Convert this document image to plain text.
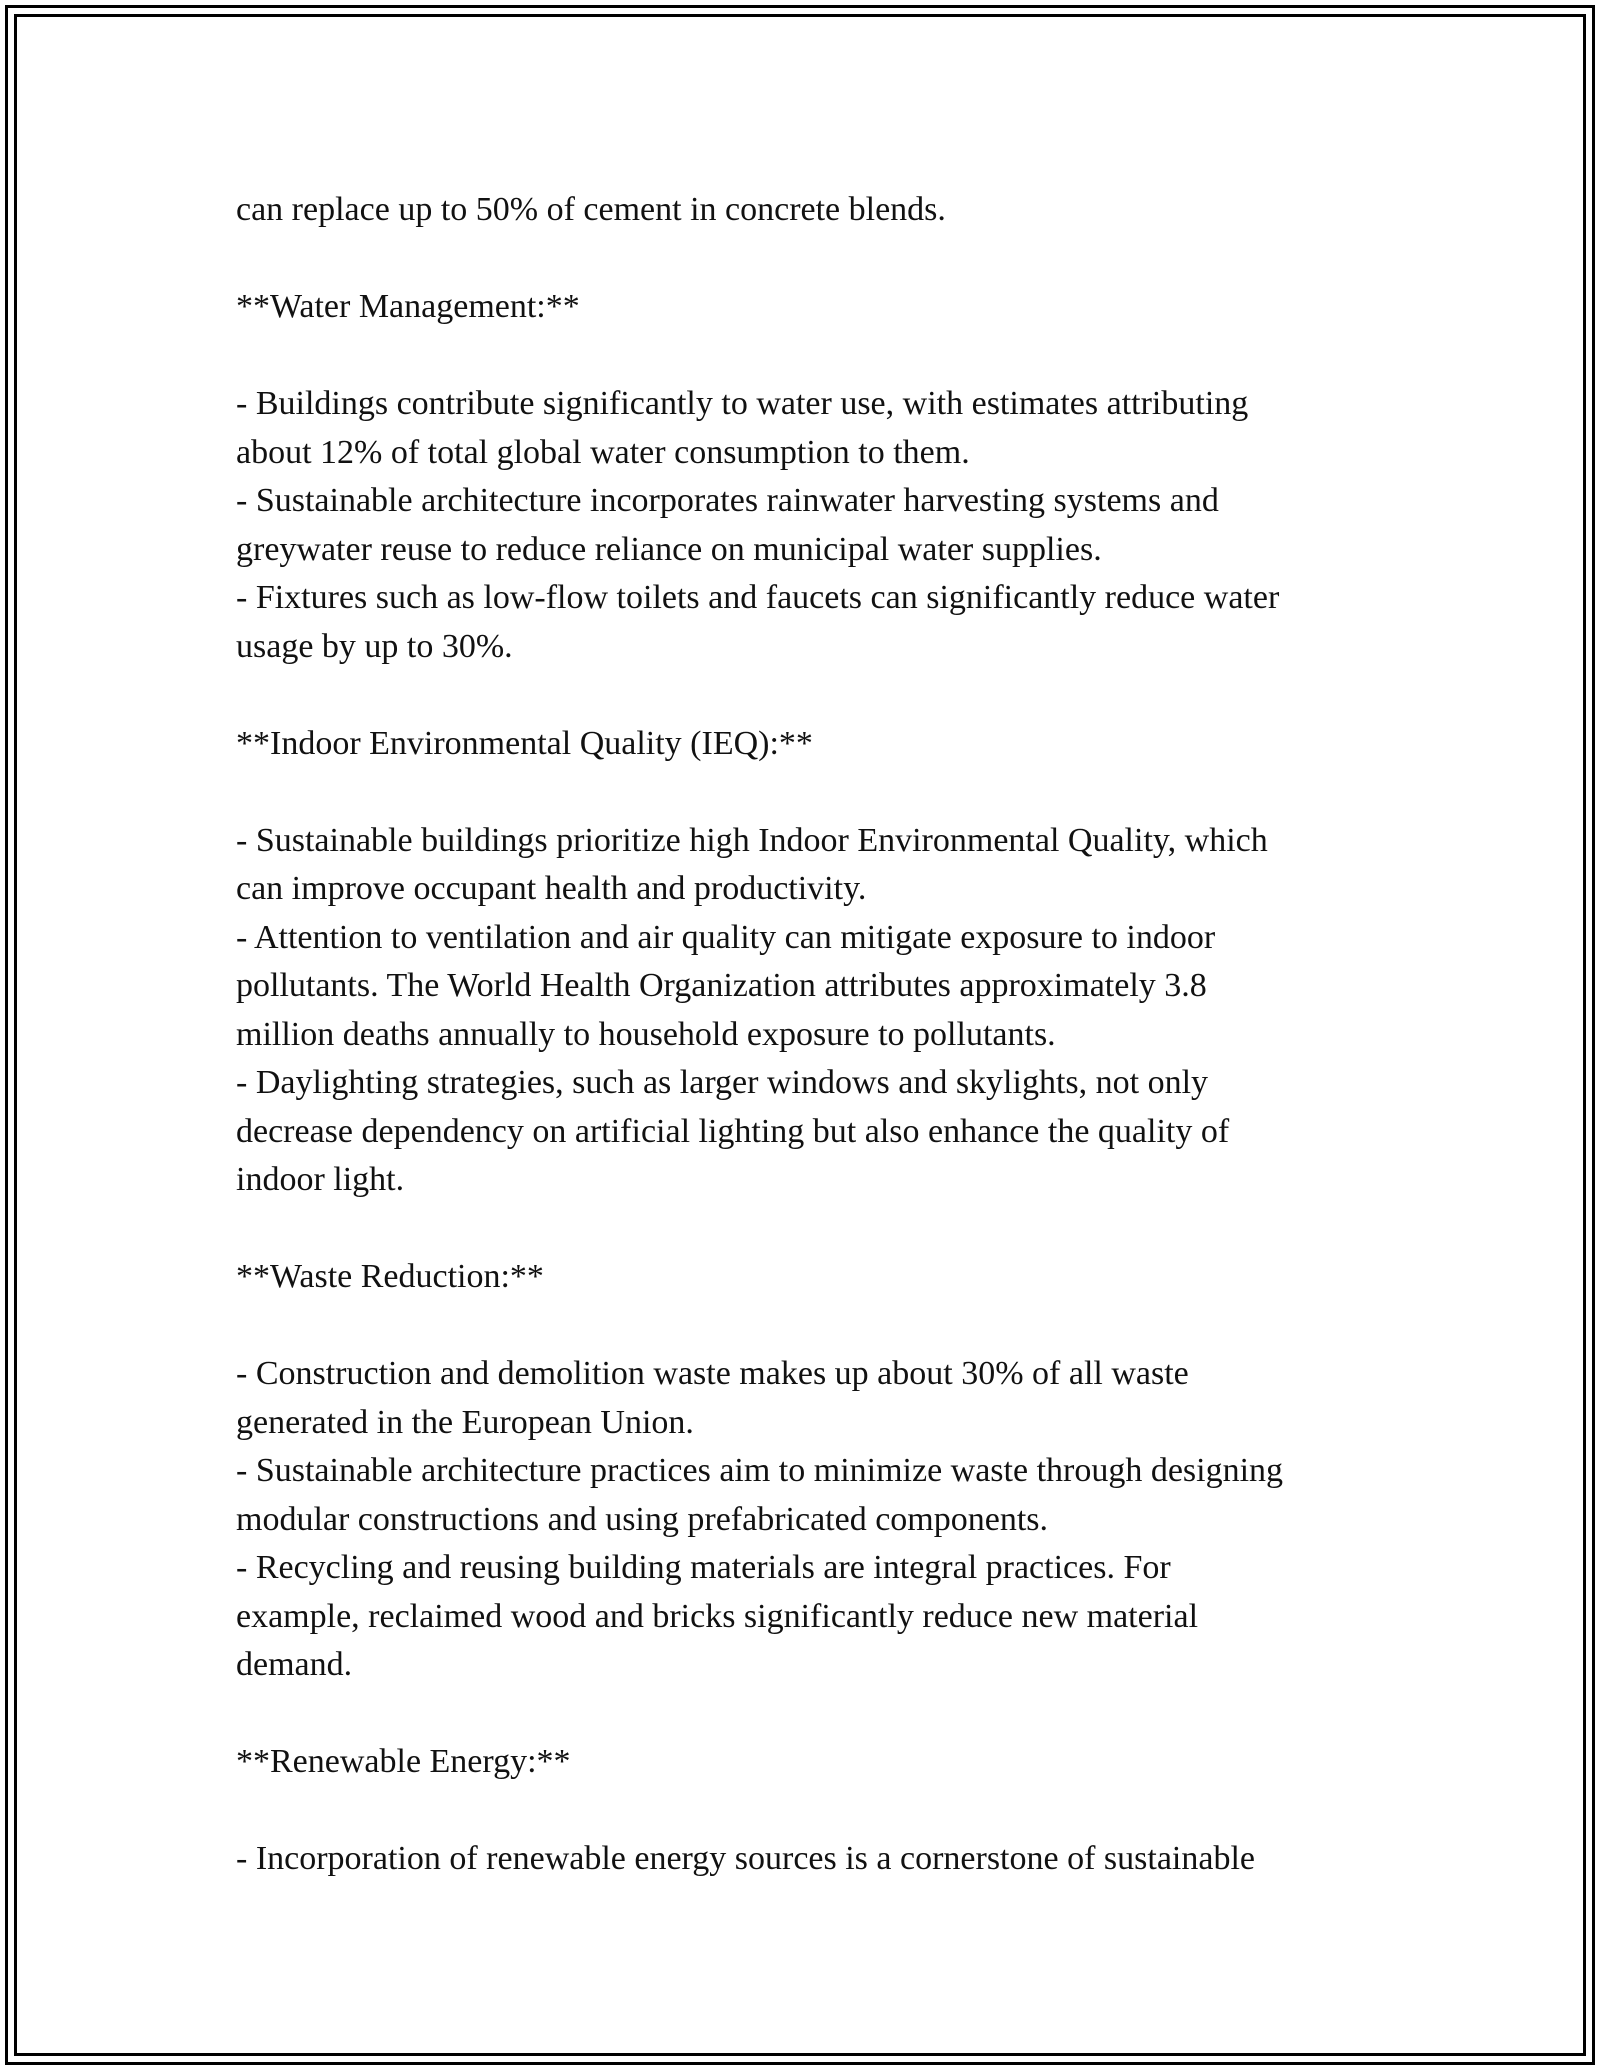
can replace up to 50% of cement in concrete blends.

**Water Management:**

- Buildings contribute significantly to water use, with estimates attributing

about 12% of total global water consumption to them.

- Sustainable architecture incorporates rainwater harvesting systems and

greywater reuse to reduce reliance on municipal water supplies.

- Fixtures such as low-flow toilets and faucets can significantly reduce water

usage by up to 30%.

**Indoor Environmental Quality (IEQ):**

- Sustainable buildings prioritize high Indoor Environmental Quality, which

can improve occupant health and productivity.

- Attention to ventilation and air quality can mitigate exposure to indoor

pollutants. The World Health Organization attributes approximately 3.8

million deaths annually to household exposure to pollutants.

- Daylighting strategies, such as larger windows and skylights, not only

decrease dependency on artificial lighting but also enhance the quality of

indoor light.

**Waste Reduction:**

- Construction and demolition waste makes up about 30% of all waste

generated in the European Union.

- Sustainable architecture practices aim to minimize waste through designing

modular constructions and using prefabricated components.

- Recycling and reusing building materials are integral practices. For

example, reclaimed wood and bricks significantly reduce new material

demand.

**Renewable Energy:**

- Incorporation of renewable energy sources is a cornerstone of sustainable
